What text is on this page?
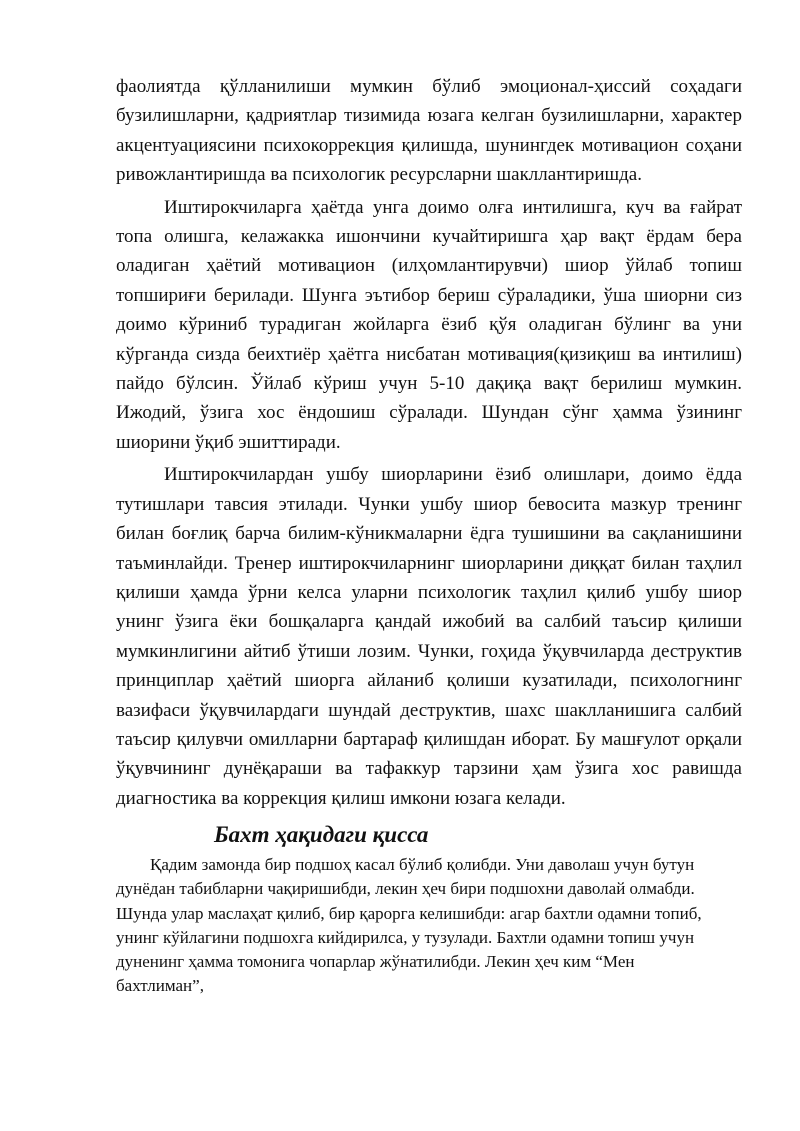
фаолиятда қўлланилиши мумкин бўлиб эмоционал-ҳиссий соҳадаги бузилишларни, қадриятлар тизимида юзага келган бузилишларни, характер акцентуациясини психокоррекция қилишда, шунингдек мотивацион соҳани ривожлантиришда ва психологик ресурсларни шакллантиришда.

Иштирокчиларга ҳаётда унга доимо олға интилишга, куч ва ғайрат топа олишга, келажакка ишончини кучайтиришга ҳар вақт ёрдам бера оладиган ҳаётий мотивацион (илҳомлантирувчи) шиор ўйлаб топиш топшириғи берилади. Шунга эътибор бериш сўраладики, ўша шиорни сиз доимо кўриниб турадиган жойларга ёзиб қўя оладиган бўлинг ва уни кўрганда сизда беихтиёр ҳаётга нисбатан мотивация(қизиқиш ва интилиш) пайдо бўлсин. Ўйлаб кўриш учун 5-10 дақиқа вақт берилиш мумкин. Ижодий, ўзига хос ёндошиш сўралади. Шундан сўнг ҳамма ўзининг шиорини ўқиб эшиттиради.

Иштирокчилардан ушбу шиорларини ёзиб олишлари, доимо ёдда тутишлари тавсия этилади. Чунки ушбу шиор бевосита мазкур тренинг билан боғлиқ барча билим-кўникмаларни ёдга тушишини ва сақланишини таъминлайди. Тренер иштирокчиларнинг шиорларини диққат билан таҳлил қилиши ҳамда ўрни келса уларни психологик таҳлил қилиб ушбу шиор унинг ўзига ёки бошқаларга қандай ижобий ва салбий таъсир қилиши мумкинлигини айтиб ўтиши лозим. Чунки, гоҳида ўқувчиларда деструктив принциплар ҳаётий шиорга айланиб қолиши кузатилади, психологнинг вазифаси ўқувчилардаги шундай деструктив, шахс шаклланишига салбий таъсир қилувчи омилларни бартараф қилишдан иборат. Бу машғулот орқали ўқувчининг дунёқараши ва тафаккур тарзини ҳам ўзига хос равишда диагностика ва коррекция қилиш имкони юзага келади.

Бахт ҳақидаги қисса

Қадим замонда бир подшоҳ касал бўлиб қолибди. Уни даволаш учун бутун дунёдан табибларни чақиришибди, лекин ҳеч бири подшохни даволай олмабди. Шунда улар маслаҳат қилиб, бир қарорга келишибди: агар бахтли одамни топиб, унинг кўйлагини подшохга кийдирилса, у тузулади. Бахтли одамни топиш учун дуненинг ҳамма томонига чопарлар жўнатилибди. Лекин ҳеч ким “Мен бахтлиман”,
